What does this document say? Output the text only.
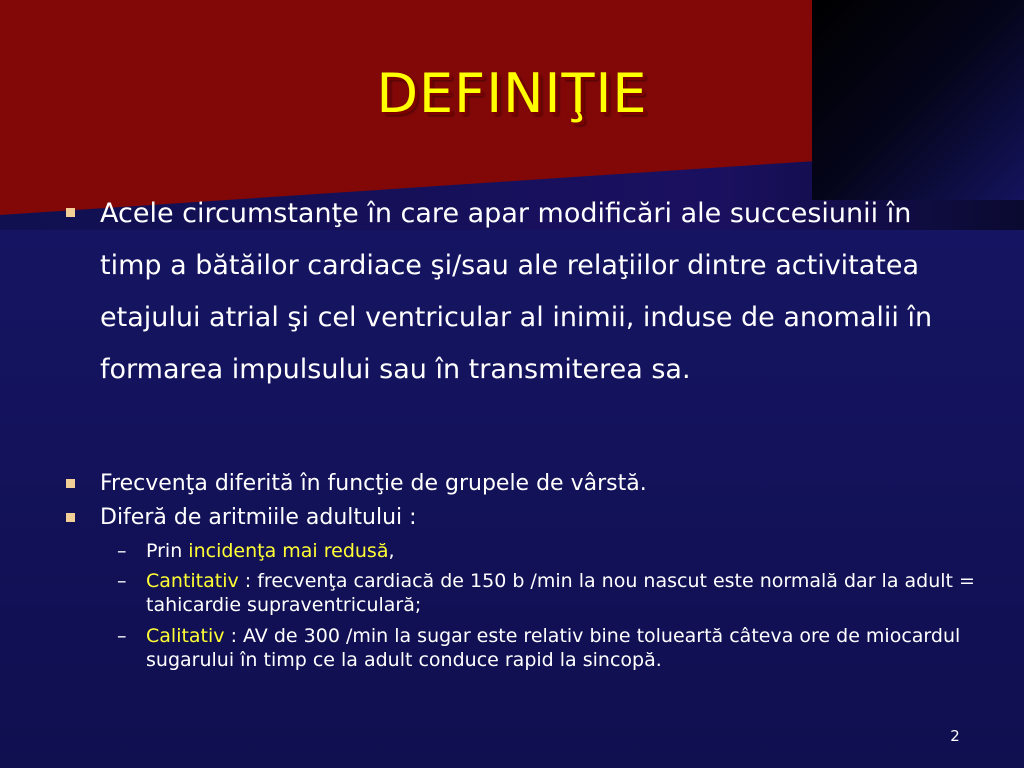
DEFINIŢIE
Acele circumstanţe în care apar modificări ale succesiunii în timp a bătăilor cardiace şi/sau ale relaţiilor dintre activitatea etajului atrial şi cel ventricular al inimii, induse de anomalii în formarea impulsului sau în transmiterea sa.
Frecvenţa diferită în funcţie de grupele de vârstă.
Diferă de aritmiile adultului :
– Prin incidenţa mai redusă,
– Cantitativ : frecvenţa cardiacă de 150 b /min la nou nascut este normală dar la adult = tahicardie supraventriculară;
– Calitativ : AV de 300 /min la sugar este relativ bine tolueartă câteva ore de miocardul sugarului în timp ce la adult conduce rapid la sincopă.
2
